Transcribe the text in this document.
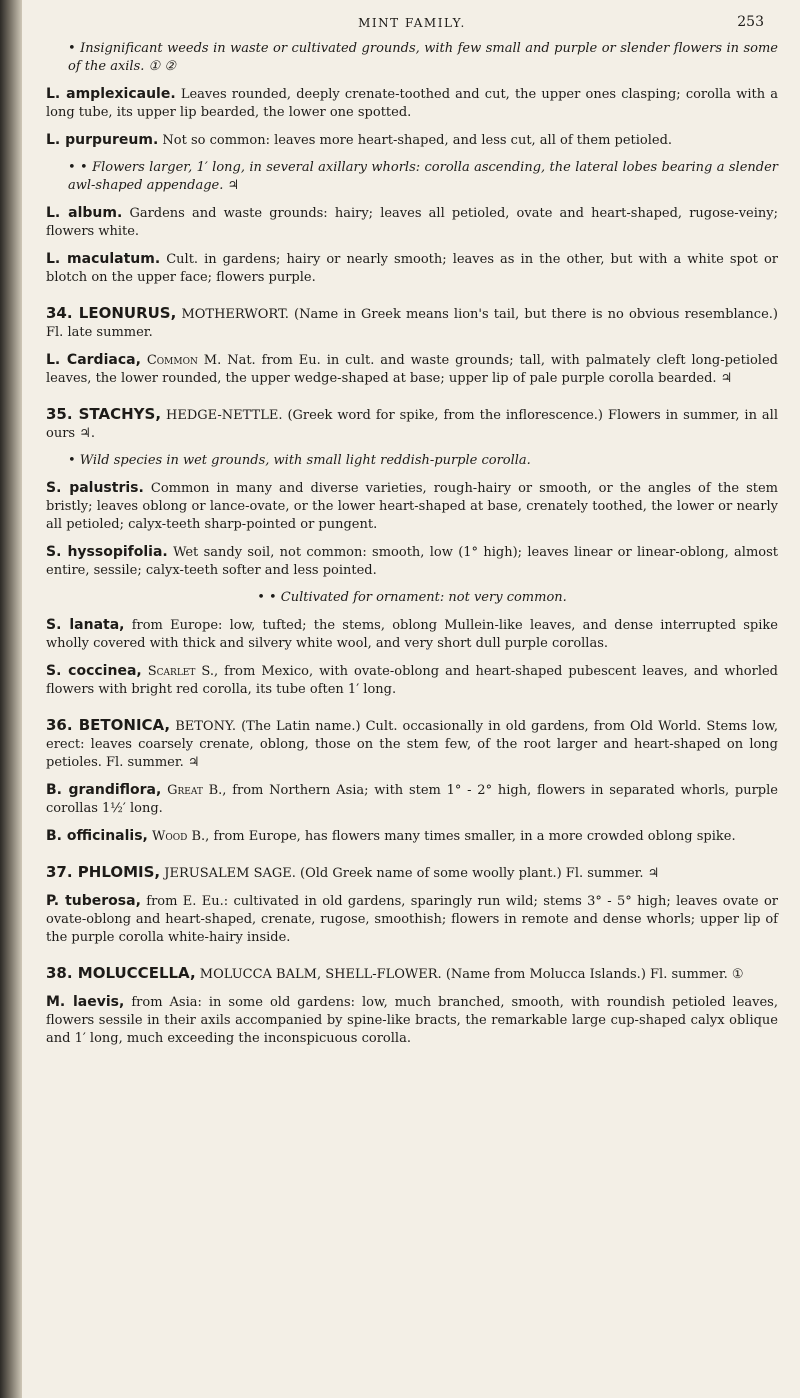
MINT FAMILY.	253

• Insignificant weeds in waste or cultivated grounds, with few small and purple or slender flowers in some of the axils. ① ②

L. amplexicaule. Leaves rounded, deeply crenate-toothed and cut, the upper ones clasping; corolla with a long tube, its upper lip bearded, the lower one spotted.

L. purpureum. Not so common: leaves more heart-shaped, and less cut, all of them petioled.

• • Flowers larger, 1′ long, in several axillary whorls: corolla ascending, the lateral lobes bearing a slender awl-shaped appendage. ♃

L. album. Gardens and waste grounds: hairy; leaves all petioled, ovate and heart-shaped, rugose-veiny; flowers white.

L. maculatum. Cult. in gardens; hairy or nearly smooth; leaves as in the other, but with a white spot or blotch on the upper face; flowers purple.

34. LEONURUS, MOTHERWORT. (Name in Greek means lion's tail, but there is no obvious resemblance.) Fl. late summer.

L. Cardiaca, Common M. Nat. from Eu. in cult. and waste grounds; tall, with palmately cleft long-petioled leaves, the lower rounded, the upper wedge-shaped at base; upper lip of pale purple corolla bearded. ♃

35. STACHYS, HEDGE-NETTLE. (Greek word for spike, from the inflorescence.) Flowers in summer, in all ours ♃.

• Wild species in wet grounds, with small light reddish-purple corolla.

S. palustris. Common in many and diverse varieties, rough-hairy or smooth, or the angles of the stem bristly; leaves oblong or lance-ovate, or the lower heart-shaped at base, crenately toothed, the lower or nearly all petioled; calyx-teeth sharp-pointed or pungent.

S. hyssopifolia. Wet sandy soil, not common: smooth, low (1° high); leaves linear or linear-oblong, almost entire, sessile; calyx-teeth softer and less pointed.

• • Cultivated for ornament: not very common.

S. lanata, from Europe: low, tufted; the stems, oblong Mullein-like leaves, and dense interrupted spike wholly covered with thick and silvery white wool, and very short dull purple corollas.

S. coccinea, Scarlet S., from Mexico, with ovate-oblong and heart-shaped pubescent leaves, and whorled flowers with bright red corolla, its tube often 1′ long.

36. BETONICA, BETONY. (The Latin name.) Cult. occasionally in old gardens, from Old World. Stems low, erect: leaves coarsely crenate, oblong, those on the stem few, of the root larger and heart-shaped on long petioles. Fl. summer. ♃

B. grandiflora, Great B., from Northern Asia; with stem 1° - 2° high, flowers in separated whorls, purple corollas 1½′ long.

B. officinalis, Wood B., from Europe, has flowers many times smaller, in a more crowded oblong spike.

37. PHLOMIS, JERUSALEM SAGE. (Old Greek name of some woolly plant.) Fl. summer. ♃

P. tuberosa, from E. Eu.: cultivated in old gardens, sparingly run wild; stems 3° - 5° high; leaves ovate or ovate-oblong and heart-shaped, crenate, rugose, smoothish; flowers in remote and dense whorls; upper lip of the purple corolla white-hairy inside.

38. MOLUCCELLA, MOLUCCA BALM, SHELL-FLOWER. (Name from Molucca Islands.) Fl. summer. ①

M. laevis, from Asia: in some old gardens: low, much branched, smooth, with roundish petioled leaves, flowers sessile in their axils accompanied by spine-like bracts, the remarkable large cup-shaped calyx oblique and 1′ long, much exceeding the inconspicuous corolla.
